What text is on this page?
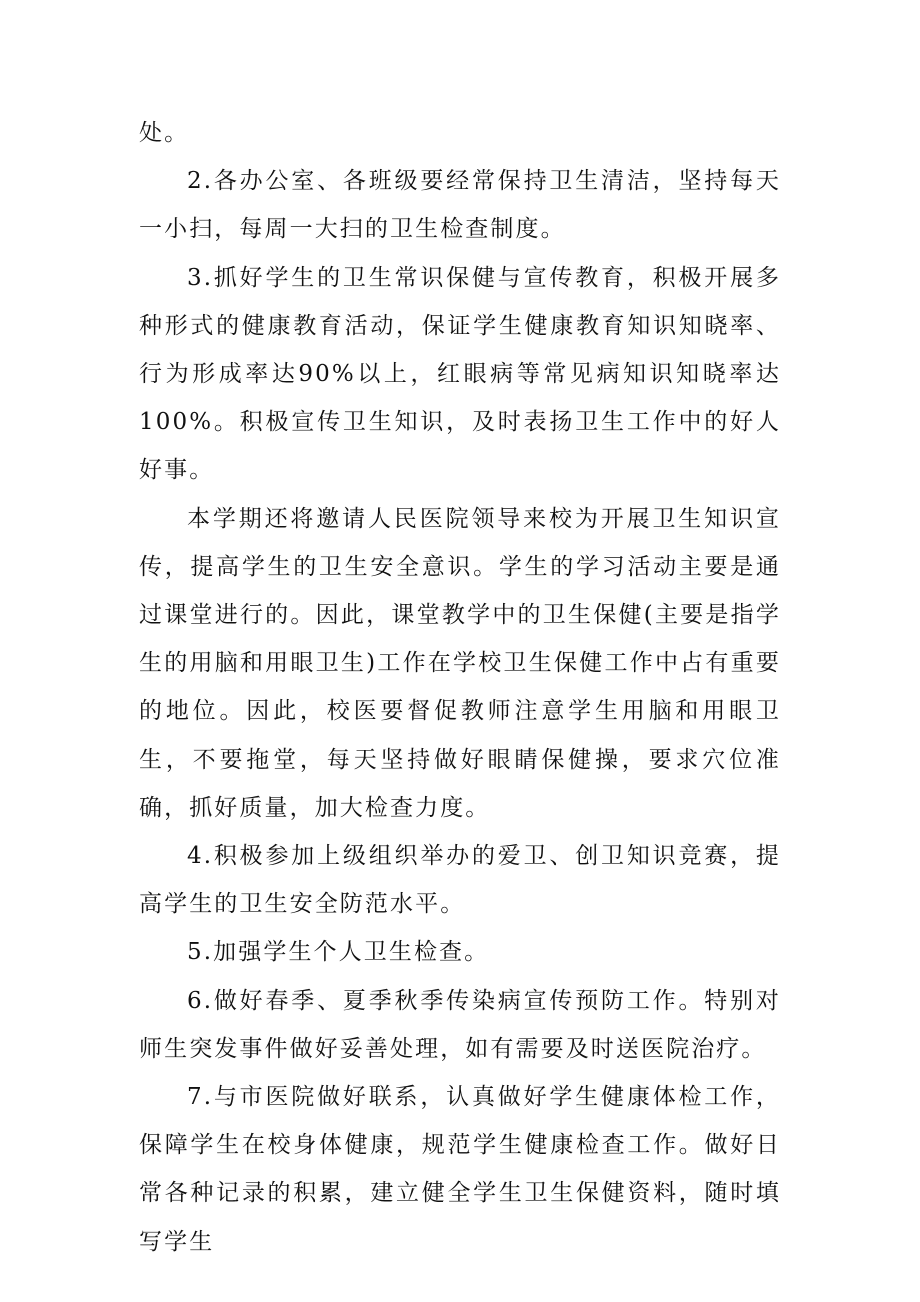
处。

2.各办公室、各班级要经常保持卫生清洁，坚持每天一小扫，每周一大扫的卫生检查制度。

3.抓好学生的卫生常识保健与宣传教育，积极开展多种形式的健康教育活动，保证学生健康教育知识知晓率、行为形成率达90%以上，红眼病等常见病知识知晓率达100%。积极宣传卫生知识，及时表扬卫生工作中的好人好事。

本学期还将邀请人民医院领导来校为开展卫生知识宣传，提高学生的卫生安全意识。学生的学习活动主要是通过课堂进行的。因此，课堂教学中的卫生保健(主要是指学生的用脑和用眼卫生)工作在学校卫生保健工作中占有重要的地位。因此，校医要督促教师注意学生用脑和用眼卫生，不要拖堂，每天坚持做好眼睛保健操，要求穴位准确，抓好质量，加大检查力度。

4.积极参加上级组织举办的爱卫、创卫知识竞赛，提高学生的卫生安全防范水平。

5.加强学生个人卫生检查。

6.做好春季、夏季秋季传染病宣传预防工作。特别对师生突发事件做好妥善处理，如有需要及时送医院治疗。

7.与市医院做好联系，认真做好学生健康体检工作，保障学生在校身体健康，规范学生健康检查工作。做好日常各种记录的积累，建立健全学生卫生保健资料，随时填写学生
